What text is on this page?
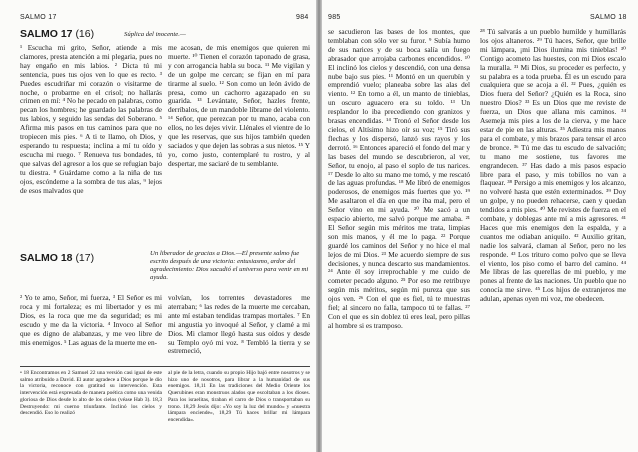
SALMO 17	984
SALMO 17 (16)	Súplica del inocente.—

¹ Escucha mi grito, Señor, atiende a mis clamores, presta atención a mi plegaria, pues no hay engaño en mis labios. ² Dicta tú mi sentencia, pues tus ojos ven lo que es recto. ³ Puedes escudriñar mi corazón o visitarme de noche, o probarme en el crisol; no hallarás crimen en mí: ⁴ No he pecado en palabras, como pecan los hombres; he guardado las palabras de tus labios, y seguido las sendas del Soberano. ⁵ Afirma mis pasos en tus caminos para que no tropiecen mis pies. ⁶ A ti te llamo, oh Dios, y esperando tu respuesta; inclina a mí tu oído y escucha mi ruego. ⁷ Renueva tus bondades, tú que salvas del agresor a los que se refugian bajo tu diestra. ⁸ Guárdame como a la niña de tus ojos, escóndeme a la sombra de tus alas, ⁹ lejos de esos malvados que

me acosan, de mis enemigos que quieren mi muerte. ¹⁰ Tienen el corazón taponado de grasa, y con arrogancia habla su boca. ¹¹ Me vigilan y de un golpe me cercan; se fijan en mí para tirarme al suelo. ¹² Son como un león ávido de presa, como un cachorro agazapado en su guarida. ¹³ Levántate, Señor, hazles frente, derríbalos, de un mandoble líbrame del violento. ¹⁴ Señor, que perezcan por tu mano, acaba con ellos, no les dejes vivir. Llénales el vientre de lo que les reservas, que sus hijos también queden saciados y que dejen las sobras a sus nietos. ¹⁵ Y yo, como justo, contemplaré tu rostro, y al despertar, me saciaré de tu semblante.

SALMO 18 (17)	Un liberador de gracias a Dios.—El presente salmo fue escrito después de una victoria: entusiasmo, ardor del agradecimiento: Dios sacudió el universo para venir en mi ayuda.

² Yo te amo, Señor, mi fuerza, ³ El Señor es mi roca y mi fortaleza; es mi libertador y es mi Dios, es la roca que me da seguridad; es mi escudo y me da la victoria. ⁴ Invoco al Señor que es digno de alabanzas, y me veo libre de mis enemigos. ⁵ Las aguas de la muerte me en-

volvían, los torrentes devastadores me aterraban; ⁶ las redes de la muerte me cercaban, ante mí estaban tendidas trampas mortales. ⁷ En mi angustia yo invoqué al Señor, y clamé a mi Dios. Mi clamor llegó hasta sus oídos y desde su Templo oyó mi voz. ⁸ Tembló la tierra y se estremeció,

• 18 Encontramos en 2 Samuel 22 una versión casi igual de este salmo atribuido a David. El autor agradece a Dios porque le dio la victoria, reconoce con gratitud su intervención. Esta intervención está expresada de manera poética como una venida gloriosa de Dios desde lo alto de los cielos (véase Hab 3). 18,3 Destruyendo: mi cuerno triunfante. Inclinó los cielos y descendió. Eso lo realizó

al pie de la letra, cuando su propio Hijo bajó entre nosotros y se hizo uno de nosotros, para librar a la humanidad de sus enemigos. 18,11 En las tradiciones del Medio Oriente los Querubines eran monstruos alados que escoltaban a los dioses. Para los israelitas, tiraban el carro de Dios o transportaban su trono. 18,29 Jesús dijo: «Yo soy la luz del mundo» y «nuestra lámpara enciende», 18,29 Tú haces brillar mi lámpara encendida».

985	SALMO 18

se sacudieron las bases de los montes, que temblaban con sólo ver su furor. ⁹ Subía humo de sus narices y de su boca salía un fuego abrasador que arrojaba carbones encendidos. ¹⁰ El inclinó los cielos y descendió, con una densa nube bajo sus pies. ¹¹ Montó en un querubín y emprendió vuelo; planeaba sobre las alas del viento. ¹² En torno a él, un manto de tinieblas, un oscuro aguacero era su toldo. ¹³ Un resplandor lo iba precediendo con granizos y brasas encendidas. ¹⁴ Tronó el Señor desde los cielos, el Altísimo hizo oír su voz; ¹⁵ Tiró sus flechas y los dispersó, lanzó sus rayos y los derrotó. ¹⁶ Entonces apareció el fondo del mar y las bases del mundo se descubrieron, al ver, Señor, tu enojo, al paso el soplo de tus narices. ¹⁷ Desde lo alto su mano me tomó, y me rescató de las aguas profundas. ¹⁸ Me libró de enemigos poderosos, de enemigos más fuertes que yo. ¹⁹ Me asaltaron el día en que me iba mal, pero el Señor vino en mi ayuda. ²⁰ Me sacó a un espacio abierto, me salvó porque me amaba. ²¹ El Señor según mis méritos me trata, limpias son mis manos, y él me lo paga. ²² Porque guardé los caminos del Señor y no hice el mal lejos de mi Dios. ²³ Me acuerdo siempre de sus decisiones, y nunca descarto sus mandamientos. ²⁴ Ante él soy irreprochable y me cuido de cometer pecado alguno. ²⁵ Por eso me retribuye según mis méritos, según mi pureza que sus ojos ven. ²⁶ Con el que es fiel, tú te muestras fiel; al sincero no falla, tampoco tú te fallas. ²⁷ Con el que es sin doblez tú eres leal, pero pillas al hombre si es tramposo.

²⁸ Tú salvarás a un pueblo humilde y humillarás los ojos altaneros. ²⁹ Tú haces, Señor, que brille mi lámpara, ¡mi Dios ilumina mis tinieblas! ³⁰ Contigo acometo las huestes, con mi Dios escalo la muralla. ³¹ Mi Dios, su proceder es perfecto, y su palabra es a toda prueba. Él es un escudo para cualquiera que se acoja a él. ³² Pues, ¿quién es Dios fuera del Señor? ¿Quién es la Roca, sino nuestro Dios? ³³ Es un Dios que me reviste de fuerza, un Dios que allana mis caminos. ³⁴ Asemeja mis pies a los de la cierva, y me hace estar de pie en las alturas. ³⁵ Adiestra mis manos para el combate, y mis brazos para tensar el arco de bronce. ³⁶ Tú me das tu escudo de salvación; tu mano me sostiene, tus favores me engrandecen. ³⁷ Has dado a mis pasos espacio libre para el paso, y mis tobillos no van a flaquear. ³⁸ Persigo a mis enemigos y los alcanzo, no volveré hasta que estén exterminados. ³⁹ Doy un golpe, y no pueden rehacerse, caen y quedan tendidos a mis pies. ⁴⁰ Me revistes de fuerza en el combate, y doblegas ante mí a mis agresores. ⁴¹ Haces que mis enemigos den la espalda, y a cuantos me odiaban aniquilo. ⁴² Auxilio gritan, nadie los salvará, claman al Señor, pero no les responde. ⁴³ Los trituro como polvo que se lleva el viento, los piso como el barro del camino. ⁴⁴ Me libras de las querellas de mi pueblo, y me pones al frente de las naciones. Un pueblo que no conocía me sirve. ⁴⁵ Los hijos de extranjeros me adulan, apenas oyen mi voz, me obedecen.
